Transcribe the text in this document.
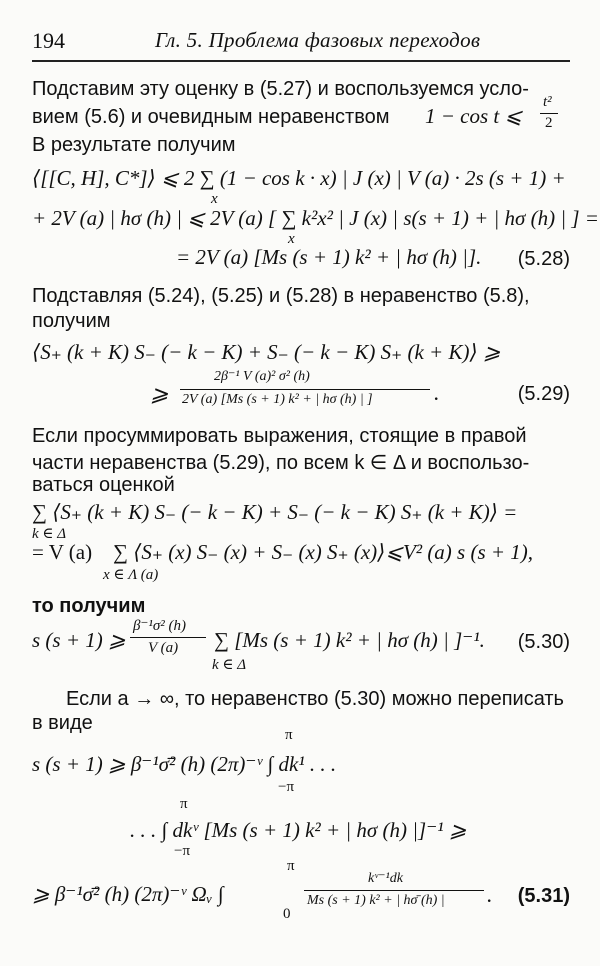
194	Гл. 5. Проблема фазовых переходов
Подставим эту оценку в (5.27) и воспользуемся усло-
вием (5.6) и очевидным неравенством 1 − cos t ⩽
t²
2
В результате получим
⟨[[C, H], C*]⟩ ⩽ 2 ∑ (1 − cos k · x) | J (x) | V (a) · 2s (s + 1) +
x
+ 2V (a) | hσ (h) | ⩽ 2V (a) [ ∑ k²x² | J (x) | s(s + 1) + | hσ (h) | ] =
x
= 2V (a) [Ms (s + 1) k² + | hσ (h) |]. (5.28)
Подставляя (5.24), (5.25) и (5.28) в неравенство (5.8),
получим
⟨S₊ (k + K) S₋ (− k − K) + S₋ (− k − K) S₊ (k + K)⟩ ⩾
⩾
2β⁻¹ V (a)² σ² (h)
2V (a) [Ms (s + 1) k² + | hσ (h) | ]	.	(5.29)
Если просуммировать выражения, стоящие в правой
части неравенства (5.29), по всем k ∈ Δ и воспользо-
ваться оценкой
∑ ⟨S₊ (k + K) S₋ (− k − K) + S₋ (− k − K) S₊ (k + K)⟩ =
k ∈ Δ
= V (a) ∑ ⟨S₊ (x) S₋ (x) + S₋ (x) S₊ (x)⟩⩽V² (a) s (s + 1),
x ∈ Λ (a)
то получим
s (s + 1) ⩾
β⁻¹σ² (h)
V (a) ∑ [Ms (s + 1) k² + | hσ (h) | ]⁻¹.
k ∈ Δ
(5.30)
Если a → ∞, то неравенство (5.30) можно переписать
в виде
π
s (s + 1) ⩾ β⁻¹σ̄² (h) (2π)⁻ᵛ ∫ dk¹ . . .
−π
π
. . . ∫ dkᵛ [Ms (s + 1) k² + | hσ (h) |]⁻¹ ⩾
−π
π
⩾ β⁻¹σ̄² (h) (2π)⁻ᵛ Ωᵥ ∫
0
kᵛ⁻¹dk
Ms (s + 1) k² + | hσ̄ (h) | . (5.31)
